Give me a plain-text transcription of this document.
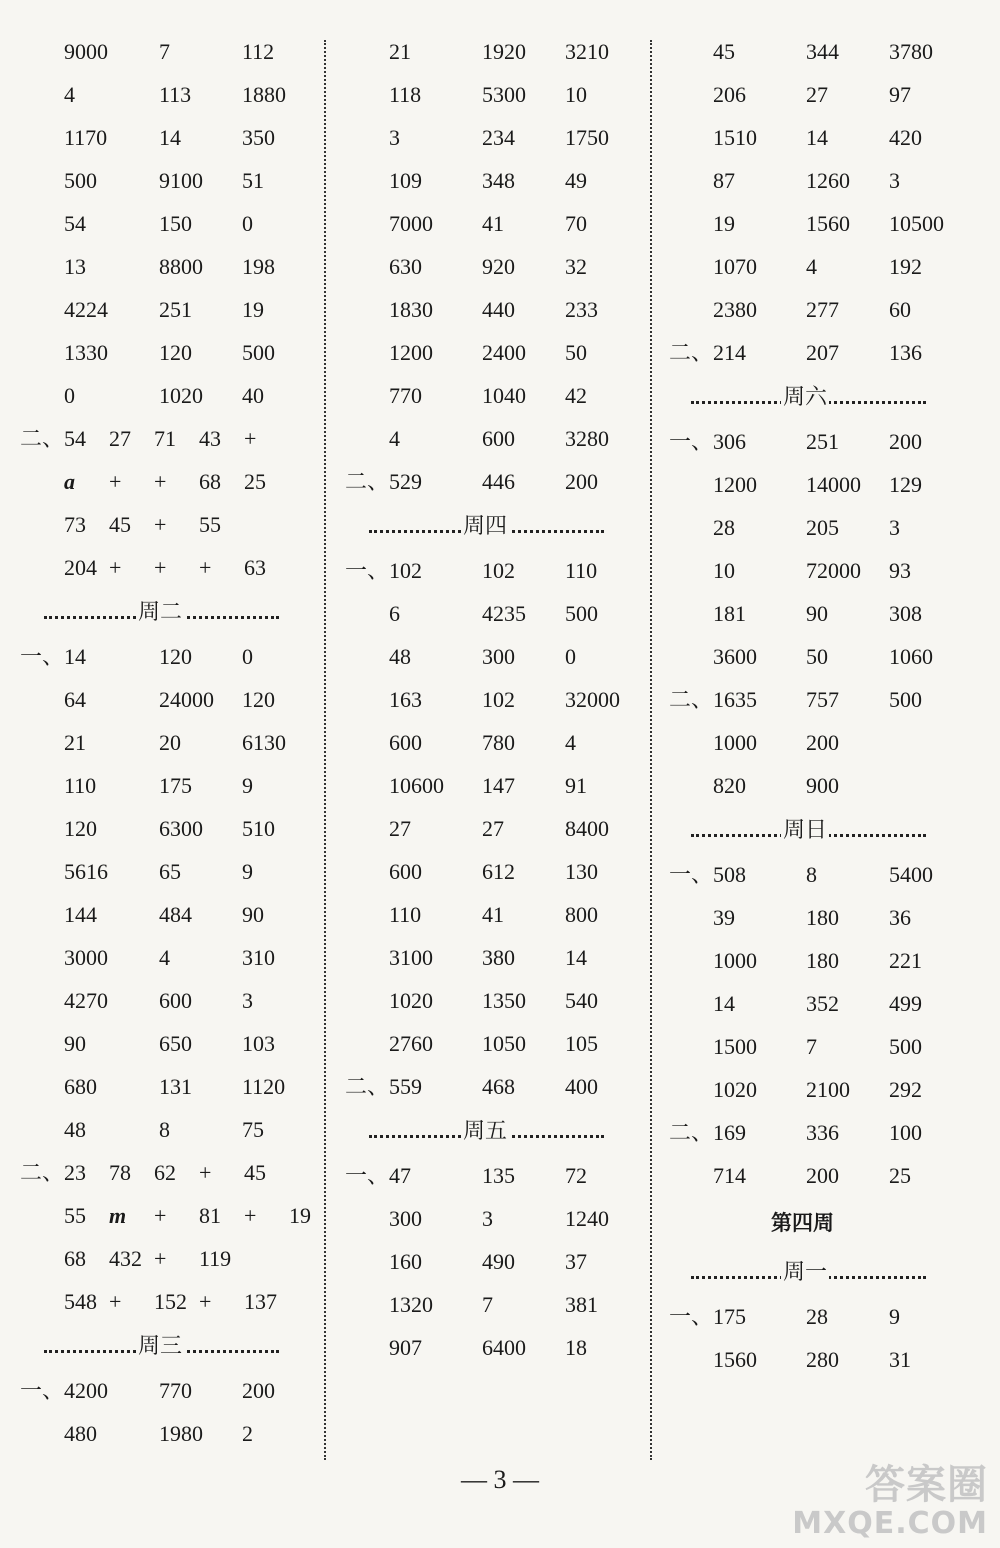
9000 7	112
4	113 1880
1170 14	350
500	9100 51
54	150 0
13	8800 198
4224 251 19
1330 120 500
0	1020 40
二、 54 27 71 43 +
a + + 68 25
73 45 + 55
204 + + + 63
周二
一、 14	120 0
64	24000 120
21	20	6130
110	175 9
120	6300 510
5616 65	9
144	484 90
3000 4	310
4270 600 3
90	650 103
680	131 1120
48	8	75
二、 23 78 62 + 45
55 m + 81 + 19
68 432 + 119
548 + 152 + 137
周三
一、 4200 770 200
480	1980 2
21	1920 3210
118	5300 10
3	234 1750
109	348 49
7000 41	70
630	920 32
1830 440 233
1200 2400 50
770	1040 42
4	600 3280
二、 529	446 200
周四
一、 102	102 110
6	4235 500
48	300 0
163	102 32000
600	780 4
10600 147 91
27	27	8400
600	612 130
110	41	800
3100 380 14
1020 1350 540
2760 1050 105
二、 559	468 400
周五
一、 47	135 72
300	3	1240
160	490 37
1320 7	381
907	6400 18
45	344 3780
206	27	97
1510 14	420
87	1260 3
19	1560 10500
1070 4	192
2380 277 60
二、 214	207 136
周六
一、 306	251 200
1200 14000 129
28	205 3
10	72000 93
181	90	308
3600 50	1060
二、 1635 757 500
1000 200
820	900
周日
一、 508	8	5400
39	180 36
1000 180 221
14	352 499
1500 7	500
1020 2100 292
二、 169	336 100
714	200 25
第四周
周一
一、 175	28	9
1560 280 31
— 3 —	答案圈
MXQE.COM
